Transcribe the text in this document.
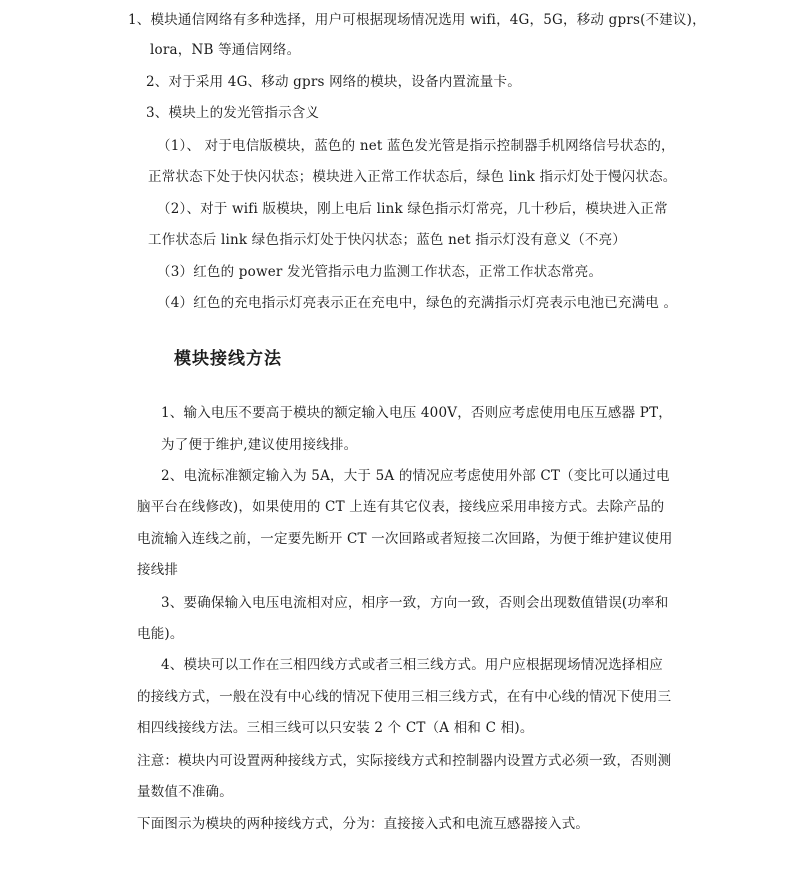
1、模块通信网络有多种选择，用户可根据现场情况选用 wifi，4G，5G，移动 gprs(不建议)，
lora，NB 等通信网络。
2、对于采用 4G、移动 gprs 网络的模块，设备内置流量卡。
3、模块上的发光管指示含义
（1）、 对于电信版模块，蓝色的 net 蓝色发光管是指示控制器手机网络信号状态的，
正常状态下处于快闪状态；模块进入正常工作状态后，绿色 link 指示灯处于慢闪状态。
（2）、对于 wifi 版模块，刚上电后 link 绿色指示灯常亮，几十秒后，模块进入正常
工作状态后 link 绿色指示灯处于快闪状态；蓝色 net 指示灯没有意义（不亮）
（3）红色的 power 发光管指示电力监测工作状态，正常工作状态常亮。
（4）红色的充电指示灯亮表示正在充电中，绿色的充满指示灯亮表示电池已充满电 。
模块接线方法
1、输入电压不要高于模块的额定输入电压 400V，否则应考虑使用电压互感器 PT，
为了便于维护,建议使用接线排。
2、电流标准额定输入为 5A，大于 5A 的情况应考虑使用外部 CT（变比可以通过电
脑平台在线修改)，如果使用的 CT 上连有其它仪表，接线应采用串接方式。去除产品的
电流输入连线之前，一定要先断开 CT 一次回路或者短接二次回路，为便于维护建议使用
接线排
3、要确保输入电压电流相对应，相序一致，方向一致，否则会出现数值错误(功率和
电能)。
4、模块可以工作在三相四线方式或者三相三线方式。用户应根据现场情况选择相应
的接线方式，一般在没有中心线的情况下使用三相三线方式，在有中心线的情况下使用三
相四线接线方法。三相三线可以只安装 2 个 CT（A 相和 C 相)。
注意：模块内可设置两种接线方式，实际接线方式和控制器内设置方式必须一致，否则测
量数值不准确。
下面图示为模块的两种接线方式，分为：直接接入式和电流互感器接入式。
